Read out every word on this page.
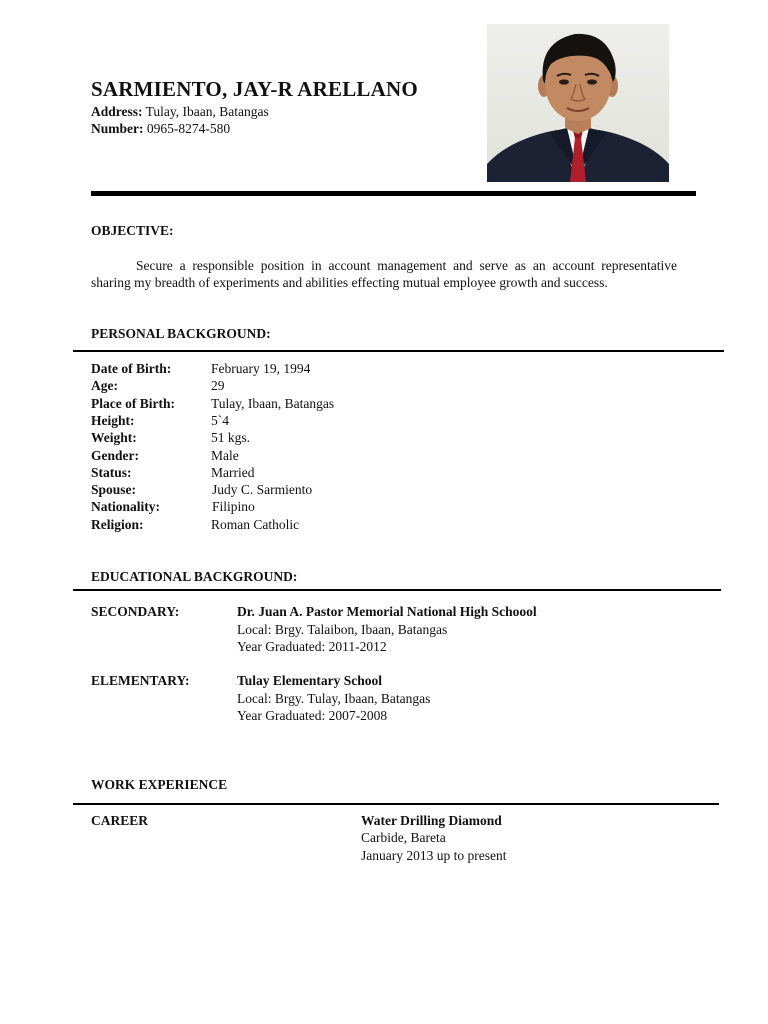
SARMIENTO, JAY-R ARELLANO
Address: Tulay, Ibaan, Batangas
Number: 0965-8274-580
OBJECTIVE:
Secure a responsible position in account management and serve as an account representative sharing my breadth of experiments and abilities effecting mutual employee growth and success.
PERSONAL BACKGROUND:
Date of Birth:	February 19, 1994
Age:	29
Place of Birth:	Tulay, Ibaan, Batangas
Height:	5`4
Weight:	51 kgs.
Gender:	Male
Status:	Married
Spouse:	Judy C. Sarmiento
Nationality:	Filipino
Religion:	Roman Catholic
EDUCATIONAL BACKGROUND:
SECONDARY:	Dr. Juan A. Pastor Memorial National High Schoool
Local: Brgy. Talaibon, Ibaan, Batangas
Year Graduated: 2011-2012
ELEMENTARY:	Tulay Elementary School
Local: Brgy. Tulay, Ibaan, Batangas
Year Graduated: 2007-2008
WORK EXPERIENCE
CAREER	Water Drilling Diamond
Carbide, Bareta
January 2013 up to present
